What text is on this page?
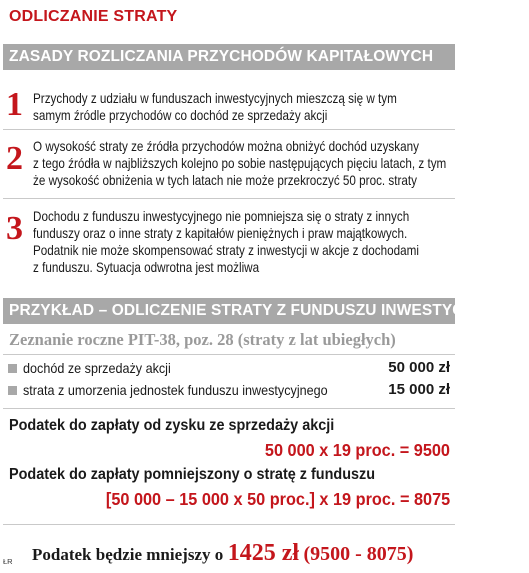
ODLICZANIE STRATY
ZASADY ROZLICZANIA PRZYCHODÓW KAPITAŁOWYCH
1 Przychody z udziału w funduszach inwestycyjnych mieszczą się w tym
samym źródle przychodów co dochód ze sprzedaży akcji
2 O wysokość straty ze źródła przychodów można obniżyć dochód uzyskany
z tego źródła w najbliższych kolejno po sobie następujących pięciu latach, z tym
że wysokość obniżenia w tych latach nie może przekroczyć 50 proc. straty
3 Dochodu z funduszu inwestycyjnego nie pomniejsza się o straty z innych
funduszy oraz o inne straty z kapitałów pieniężnych i praw majątkowych.
Podatnik nie może skompensować straty z inwestycji w akcje z dochodami
z funduszu. Sytuacja odwrotna jest możliwa
PRZYKŁAD – ODLICZENIE STRATY Z FUNDUSZU INWESTYCYJNEGO
Zeznanie roczne PIT-38, poz. 28 (straty z lat ubiegłych)
dochód ze sprzedaży akcji	50 000 zł
strata z umorzenia jednostek funduszu inwestycyjnego	15 000 zł
Podatek do zapłaty od zysku ze sprzedaży akcji
50 000 x 19 proc. = 9500
Podatek do zapłaty pomniejszony o stratę z funduszu
[50 000 – 15 000 x 50 proc.] x 19 proc. = 8075
Podatek będzie mniejszy o 1425 zł (9500 - 8075)
ŁR
